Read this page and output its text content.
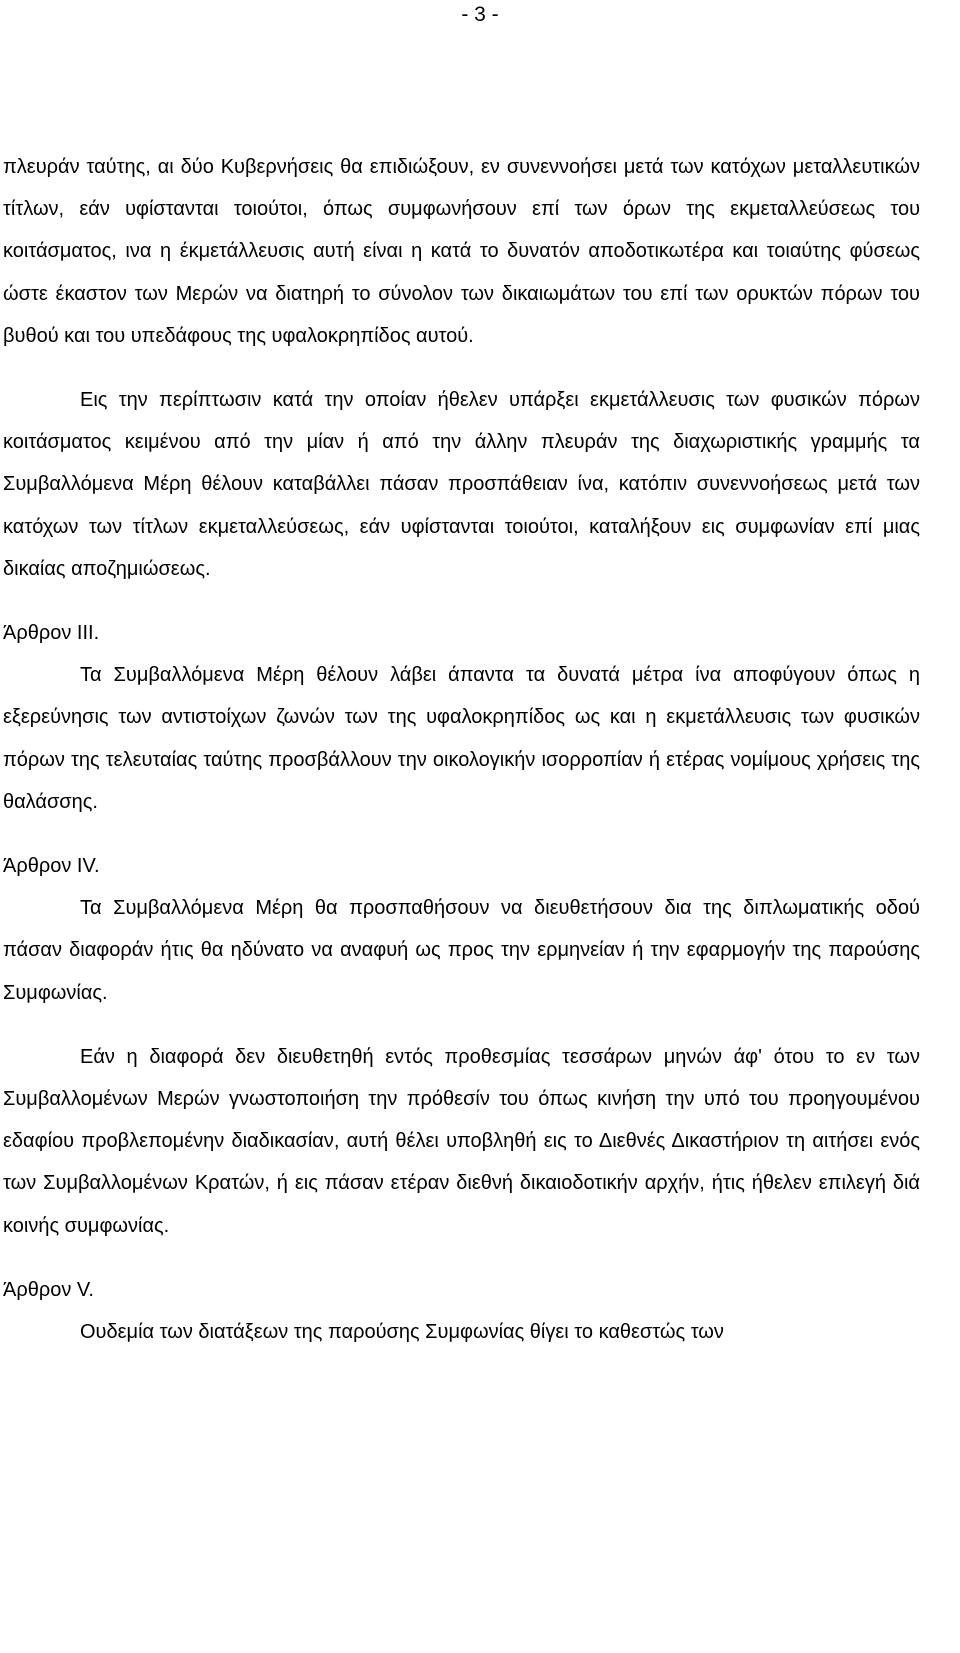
- 3 -

πλευράν ταύτης, αι δύο Κυβερνήσεις θα επιδιώξουν, εν συνεννοήσει μετά των κατόχων μεταλλευτικών τίτλων, εάν υφίστανται τοιούτοι, όπως συμφωνήσουν επί των όρων της εκμεταλλεύσεως του κοιτάσματος, ινα η έκμετάλλευσις αυτή είναι η κατά το δυνατόν αποδοτικωτέρα και τοιαύτης φύσεως ώστε έκαστον των Μερών να διατηρή το σύνολον των δικαιωμάτων του επί των ορυκτών πόρων του βυθού και του υπεδάφους της υφαλοκρηπίδος αυτού.

Εις την περίπτωσιν κατά την οποίαν ήθελεν υπάρξει εκμετάλλευσις των φυσικών πόρων κοιτάσματος κειμένου από την μίαν ή από την άλλην πλευράν της διαχωριστικής γραμμής τα Συμβαλλόμενα Μέρη θέλουν καταβάλλει πάσαν προσπάθειαν ίνα, κατόπιν συνεννοήσεως μετά των κατόχων των τίτλων εκμεταλλεύσεως, εάν υφίστανται τοιούτοι, καταλήξουν εις συμφωνίαν επί μιας δικαίας αποζημιώσεως.

Άρθρον ΙΙΙ.

Τα Συμβαλλόμενα Μέρη θέλουν λάβει άπαντα τα δυνατά μέτρα ίνα αποφύγουν όπως η εξερεύνησις των αντιστοίχων ζωνών των της υφαλοκρηπίδος ως και η εκμετάλλευσις των φυσικών πόρων της τελευταίας ταύτης προσβάλλουν την οικολογικήν ισορροπίαν ή ετέρας νομίμους χρήσεις της θαλάσσης.

Άρθρον ΙV.

Τα Συμβαλλόμενα Μέρη θα προσπαθήσουν να διευθετήσουν δια της διπλωματικής οδού πάσαν διαφοράν ήτις θα ηδύνατο να αναφυή ως προς την ερμηνείαν ή την εφαρμογήν της παρούσης Συμφωνίας.

Εάν η διαφορά δεν διευθετηθή εντός προθεσμίας τεσσάρων μηνών άφ' ότου το εν των Συμβαλλομένων Μερών γνωστοποιήση την πρόθεσίν του όπως κινήση την υπό του προηγουμένου εδαφίου προβλεπομένην διαδικασίαν, αυτή θέλει υποβληθή εις το Διεθνές Δικαστήριον τη αιτήσει ενός των Συμβαλλομένων Κρατών, ή εις πάσαν ετέραν διεθνή δικαιοδοτικήν αρχήν, ήτις ήθελεν επιλεγή διά κοινής συμφωνίας.

Άρθρον V.

Ουδεμία των διατάξεων της παρούσης Συμφωνίας θίγει το καθεστώς των
